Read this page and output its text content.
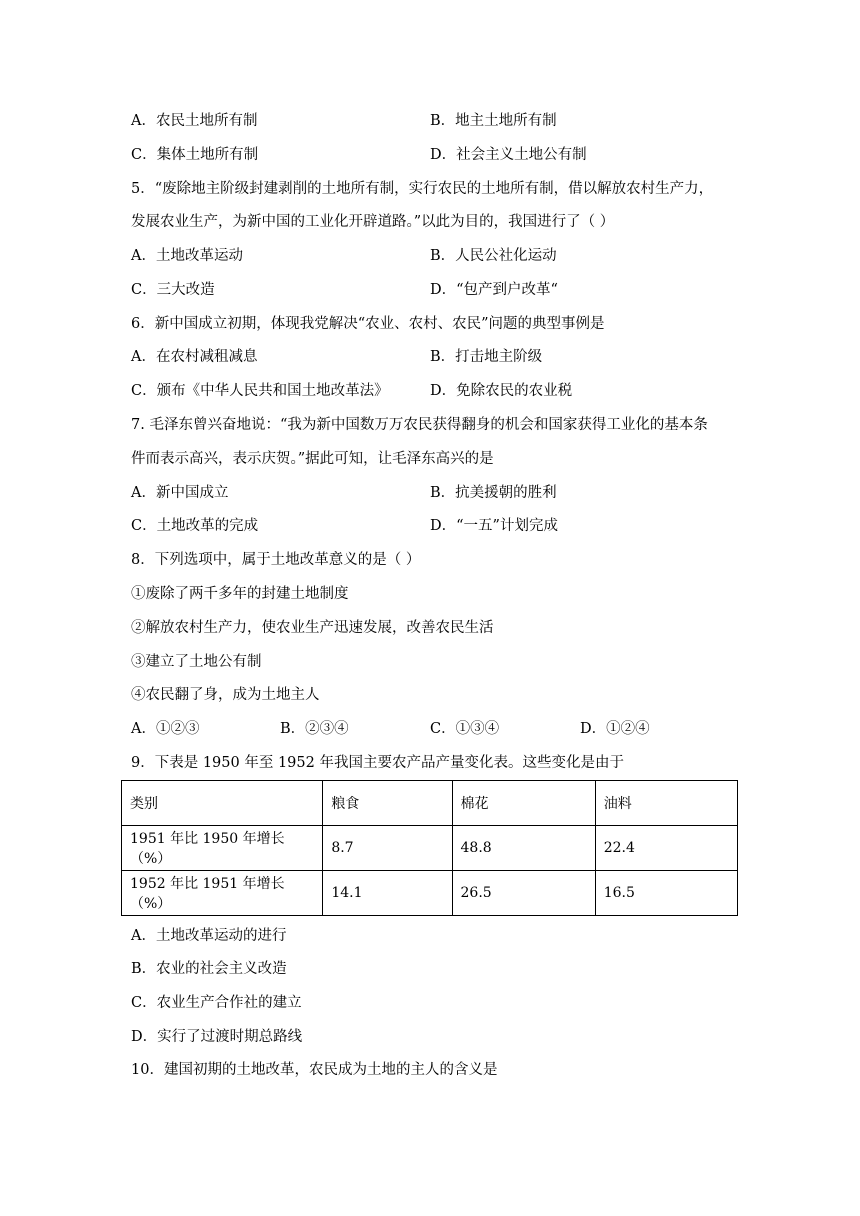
A．农民土地所有制	B．地主土地所有制
C．集体土地所有制	D．社会主义土地公有制
5．“废除地主阶级封建剥削的土地所有制，实行农民的土地所有制，借以解放农村生产力，
发展农业生产，为新中国的工业化开辟道路。”以此为目的，我国进行了（ ）
A．土地改革运动	B．人民公社化运动
C．三大改造	D．“包产到户改革“
6．新中国成立初期，体现我党解决“农业、农村、农民”问题的典型事例是
A．在农村减租减息	B．打击地主阶级
C．颁布《中华人民共和国土地改革法》	D．免除农民的农业税
7. 毛泽东曾兴奋地说：“我为新中国数万万农民获得翻身的机会和国家获得工业化的基本条
件而表示高兴，表示庆贺。”据此可知，让毛泽东高兴的是
A．新中国成立	B．抗美援朝的胜利
C．土地改革的完成	D．“一五”计划完成
8．下列选项中，属于土地改革意义的是（ ）
①废除了两千多年的封建土地制度
②解放农村生产力，使农业生产迅速发展，改善农民生活
③建立了土地公有制
④农民翻了身，成为土地主人
A．①②③	B．②③④	C．①③④	D．①②④
9．下表是 1950 年至 1952 年我国主要农产品产量变化表。这些变化是由于
类别	粮食	棉花	油料
1951 年比 1950 年增长（%）	8.7	48.8	22.4
1952 年比 1951 年增长（%）	14.1	26.5	16.5
A．土地改革运动的进行
B．农业的社会主义改造
C．农业生产合作社的建立
D．实行了过渡时期总路线
10．建国初期的土地改革，农民成为土地的主人的含义是
